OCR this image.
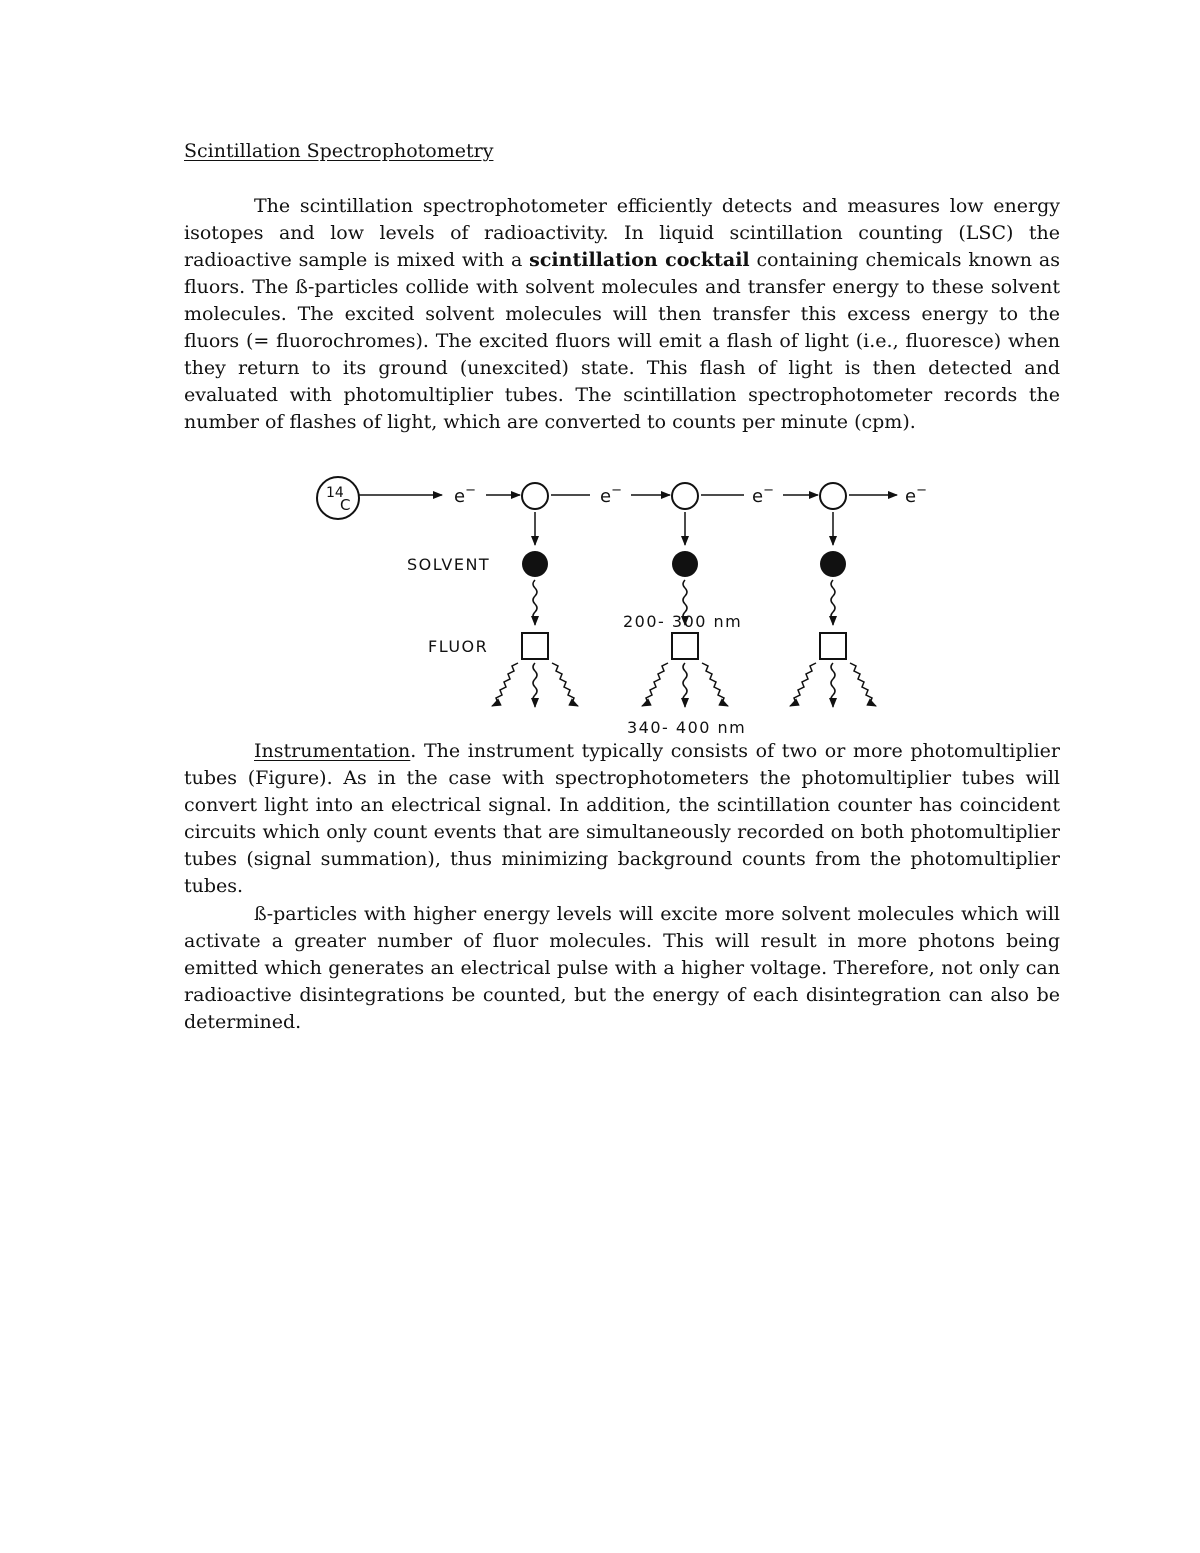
Scintillation Spectrophotometry

The scintillation spectrophotometer efficiently detects and measures low energy isotopes and low levels of radioactivity. In liquid scintillation counting (LSC) the radioactive sample is mixed with a scintillation cocktail containing chemicals known as fluors. The ß-particles collide with solvent molecules and transfer energy to these solvent molecules. The excited solvent molecules will then transfer this excess energy to the fluors (= fluorochromes). The excited fluors will emit a flash of light (i.e., fluoresce) when they return to its ground (unexcited) state. This flash of light is then detected and evaluated with photomultiplier tubes. The scintillation spectrophotometer records the number of flashes of light, which are converted to counts per minute (cpm).

14
C	e−	e−	e−	e−
SOLVENT
200- 300 nm
FLUOR
340- 400 nm

Instrumentation. The instrument typically consists of two or more photomultiplier tubes (Figure). As in the case with spectrophotometers the photomultiplier tubes will convert light into an electrical signal. In addition, the scintillation counter has coincident circuits which only count events that are simultaneously recorded on both photomultiplier tubes (signal summation), thus minimizing background counts from the photomultiplier tubes.

ß-particles with higher energy levels will excite more solvent molecules which will activate a greater number of fluor molecules. This will result in more photons being emitted which generates an electrical pulse with a higher voltage. Therefore, not only can radioactive disintegrations be counted, but the energy of each disintegration can also be determined.
